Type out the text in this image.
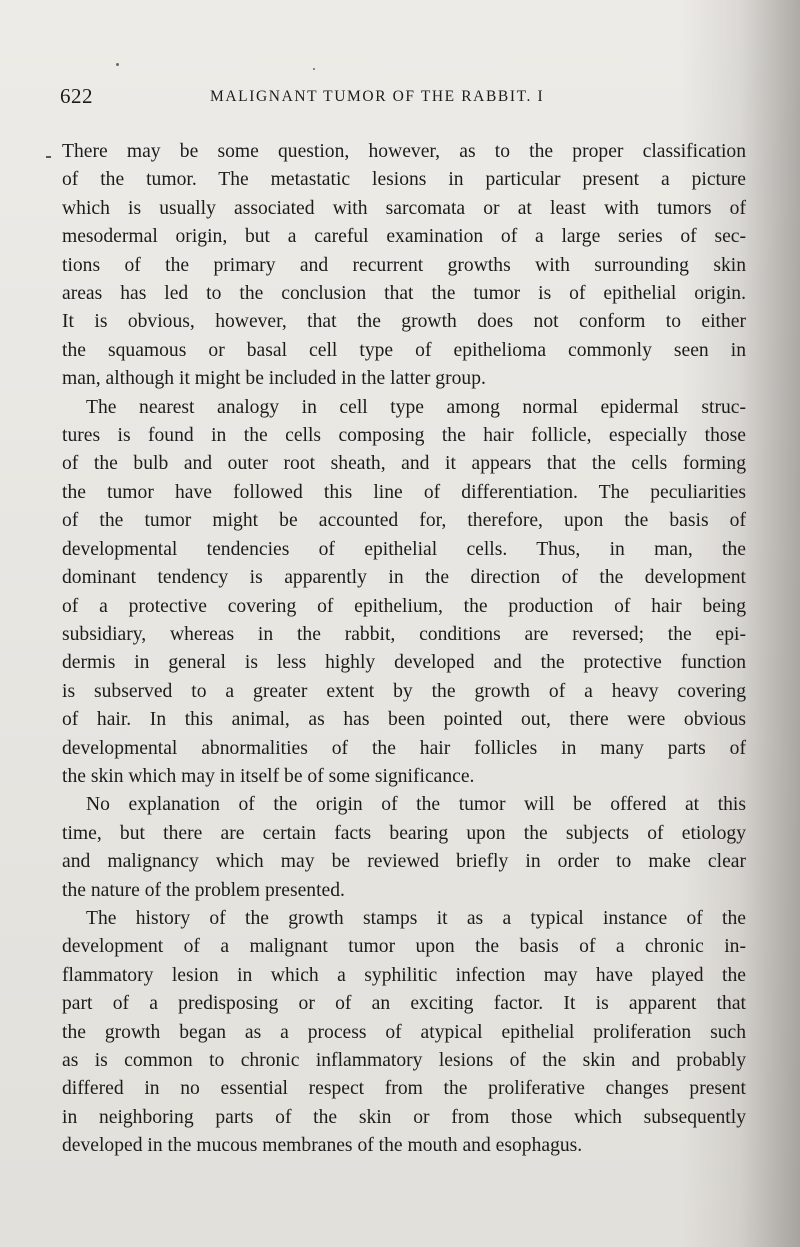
622	MALIGNANT TUMOR OF THE RABBIT. I

There may be some question, however, as to the proper classification
of the tumor. The metastatic lesions in particular present a picture
which is usually associated with sarcomata or at least with tumors of
mesodermal origin, but a careful examination of a large series of sec-
tions of the primary and recurrent growths with surrounding skin
areas has led to the conclusion that the tumor is of epithelial origin.
It is obvious, however, that the growth does not conform to either
the squamous or basal cell type of epithelioma commonly seen in
man, although it might be included in the latter group.

The nearest analogy in cell type among normal epidermal struc-
tures is found in the cells composing the hair follicle, especially those
of the bulb and outer root sheath, and it appears that the cells forming
the tumor have followed this line of differentiation. The peculiarities
of the tumor might be accounted for, therefore, upon the basis of
developmental tendencies of epithelial cells. Thus, in man, the
dominant tendency is apparently in the direction of the development
of a protective covering of epithelium, the production of hair being
subsidiary, whereas in the rabbit, conditions are reversed; the epi-
dermis in general is less highly developed and the protective function
is subserved to a greater extent by the growth of a heavy covering
of hair. In this animal, as has been pointed out, there were obvious
developmental abnormalities of the hair follicles in many parts of
the skin which may in itself be of some significance.

No explanation of the origin of the tumor will be offered at this
time, but there are certain facts bearing upon the subjects of etiology
and malignancy which may be reviewed briefly in order to make clear
the nature of the problem presented.

The history of the growth stamps it as a typical instance of the
development of a malignant tumor upon the basis of a chronic in-
flammatory lesion in which a syphilitic infection may have played the
part of a predisposing or of an exciting factor. It is apparent that
the growth began as a process of atypical epithelial proliferation such
as is common to chronic inflammatory lesions of the skin and probably
differed in no essential respect from the proliferative changes present
in neighboring parts of the skin or from those which subsequently
developed in the mucous membranes of the mouth and esophagus.
